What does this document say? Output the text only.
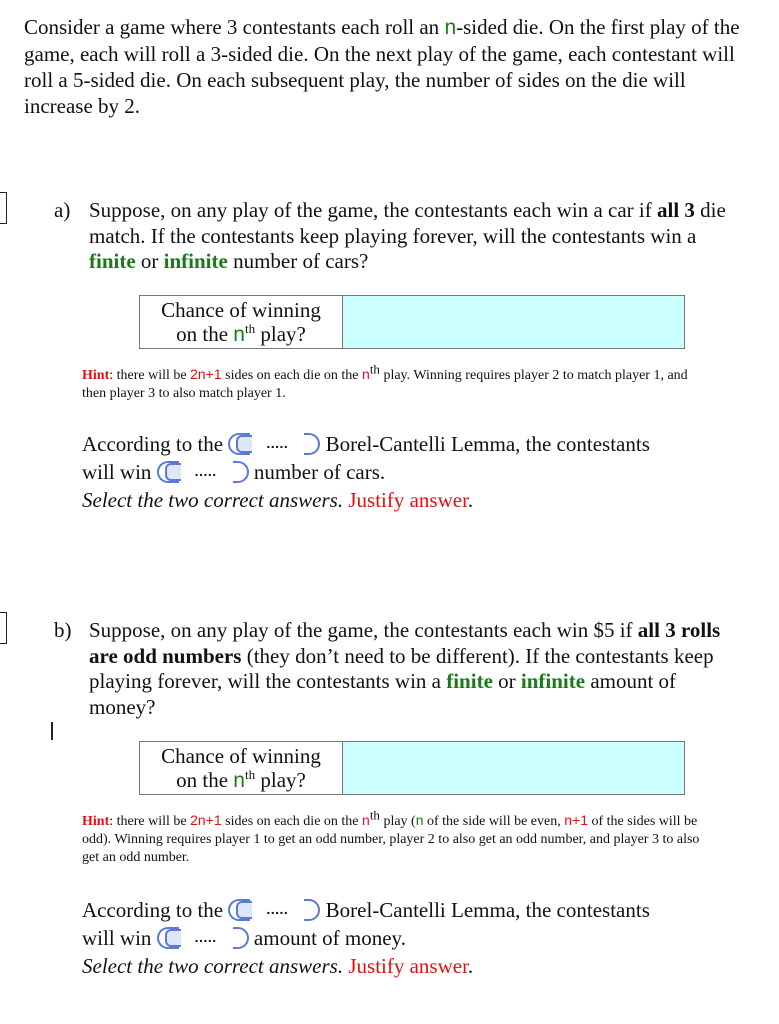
Consider a game where 3 contestants each roll an n-sided die. On the first play of the game, each will roll a 3-sided die. On the next play of the game, each contestant will roll a 5-sided die. On each subsequent play, the number of sides on the die will increase by 2.
a) Suppose, on any play of the game, the contestants each win a car if all 3 die match. If the contestants keep playing forever, will the contestants win a finite or infinite number of cars?
Chance of winning
on the $n^{th}$ play?
Hint: there will be 2n+1 sides on each die on the $n^{th}$ play. Winning requires player 2 to match player 1, and then player 3 to also match player 1.
According to the	..... Borel-Cantelli Lemma, the contestants
will win	..... number of cars.
Select the two correct answers. Justify answer.
b) Suppose, on any play of the game, the contestants each win $5 if all 3 rolls are odd numbers (they don’t need to be different). If the contestants keep playing forever, will the contestants win a finite or infinite amount of money?
Chance of winning
on the $n^{th}$ play?
Hint: there will be 2n+1 sides on each die on the $n^{th}$ play (n of the side will be even, n+1 of the sides will be odd). Winning requires player 1 to get an odd number, player 2 to also get an odd number, and player 3 to also get an odd number.
According to the	..... Borel-Cantelli Lemma, the contestants
will win	..... amount of money.
Select the two correct answers. Justify answer.
